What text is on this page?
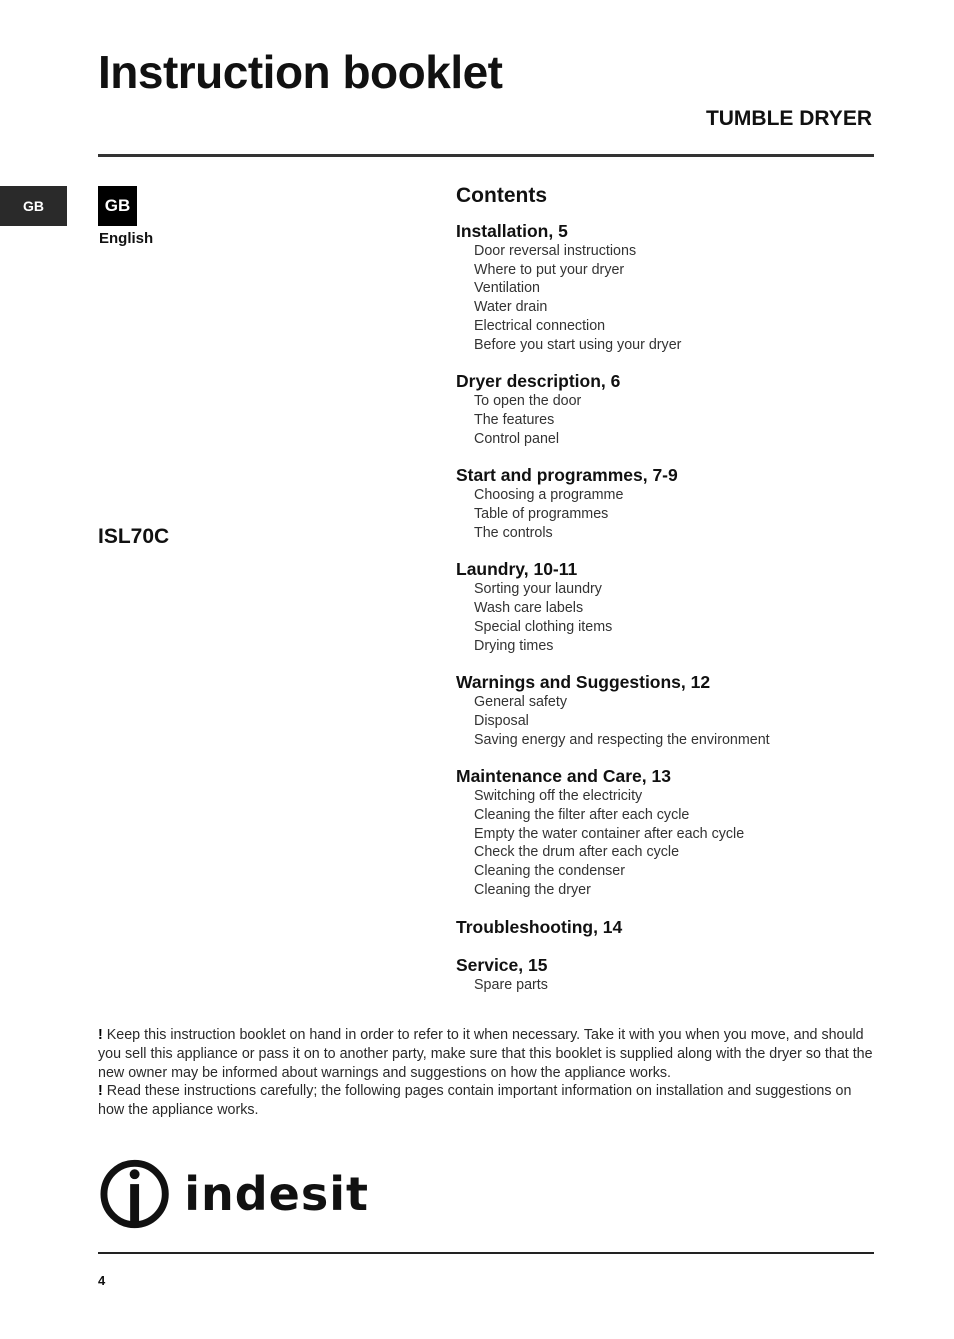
Instruction booklet
TUMBLE DRYER
GB	GB
English
ISL70C
Contents
Installation, 5
Door reversal instructions
Where to put your dryer
Ventilation
Water drain
Electrical connection
Before you start using your dryer
Dryer description, 6
To open the door
The features
Control panel
Start and programmes, 7-9
Choosing a programme
Table of programmes
The controls
Laundry, 10-11
Sorting your laundry
Wash care labels
Special clothing items
Drying times
Warnings and Suggestions, 12
General safety
Disposal
Saving energy and respecting the environment
Maintenance and Care, 13
Switching off the electricity
Cleaning the filter after each cycle
Empty the water container after each cycle
Check the drum after each cycle
Cleaning the condenser
Cleaning the dryer
Troubleshooting, 14
Service, 15
Spare parts

! Keep this instruction booklet on hand in order to refer to it when necessary. Take it with you when you move, and should you sell this appliance or pass it on to another party, make sure that this booklet is supplied along with the dryer so that the new owner may be informed about warnings and suggestions on how the appliance works.

! Read these instructions carefully; the following pages contain important information on installation and suggestions on how the appliance works.

indesit
4
